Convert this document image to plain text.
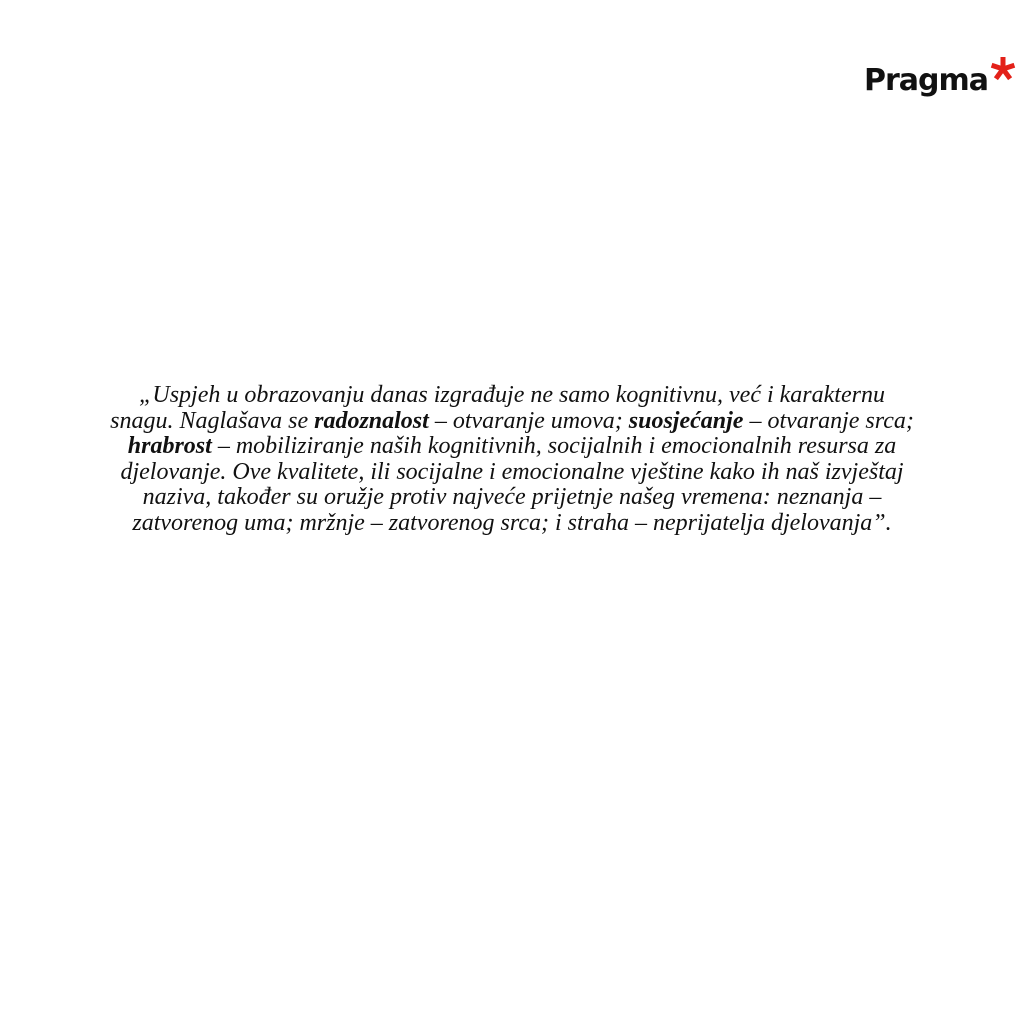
Pragma
„Uspjeh u obrazovanju danas izgrađuje ne samo kognitivnu, već i karakternu
snagu. Naglašava se radoznalost – otvaranje umova; suosjećanje – otvaranje srca;
hrabrost – mobiliziranje naših kognitivnih, socijalnih i emocionalnih resursa za
djelovanje. Ove kvalitete, ili socijalne i emocionalne vještine kako ih naš izvještaj
naziva, također su oružje protiv najveće prijetnje našeg vremena: neznanja –
zatvorenog uma; mržnje – zatvorenog srca; i straha – neprijatelja djelovanja”.
